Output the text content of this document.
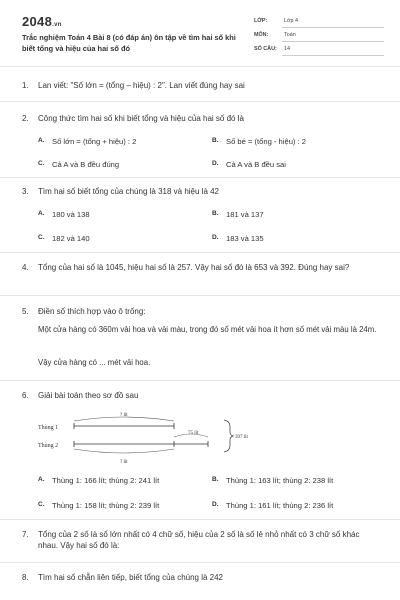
2048.vn
Trắc nghiệm Toán 4 Bài 8 (có đáp án) ôn tập về tìm hai số khi biết tổng và hiệu của hai số đó
LỚP:	Lớp 4
MÔN:	Toán
SỐ CÂU: 14
1. Lan viết: "Số lớn = (tổng – hiệu) : 2". Lan viết đúng hay sai
2. Công thức tìm hai số khi biết tổng và hiệu của hai số đó là
A. Số lớn = (tổng + hiệu) : 2	B. Số bé = (tổng - hiệu) : 2
C. Cả A và B đều đúng	D. Cả A và B đều sai
3. Tìm hai số biết tổng của chúng là 318 và hiệu là 42
A. 180 và 138	B. 181 và 137
C. 182 và 140	D. 183 và 135
4. Tổng của hai số là 1045, hiệu hai số là 257. Vậy hai số đó là 653 và 392. Đúng hay sai?
5. Điền số thích hợp vào ô trống:
Một cửa hàng có 360m vải hoa và vải màu, trong đó số mét vải hoa ít hơn số mét vải màu là 24m.
Vậy cửa hàng có ... mét vải hoa.
6. Giải bài toán theo sơ đồ sau
Thùng 1
Thùng 2
? lít
75 lít
? lít
397 lít
A. Thùng 1: 166 lít; thùng 2: 241 lít	B. Thùng 1: 163 lít; thùng 2: 238 lít
C. Thùng 1: 158 lít; thùng 2: 239 lít	D. Thùng 1: 161 lít; thùng 2: 236 lít
7. Tổng của 2 số là số lớn nhất có 4 chữ số, hiệu của 2 số là số lẻ nhỏ nhất có 3 chữ số khác nhau. Vậy hai số đó là:
8. Tìm hai số chẵn liên tiếp, biết tổng của chúng là 242
